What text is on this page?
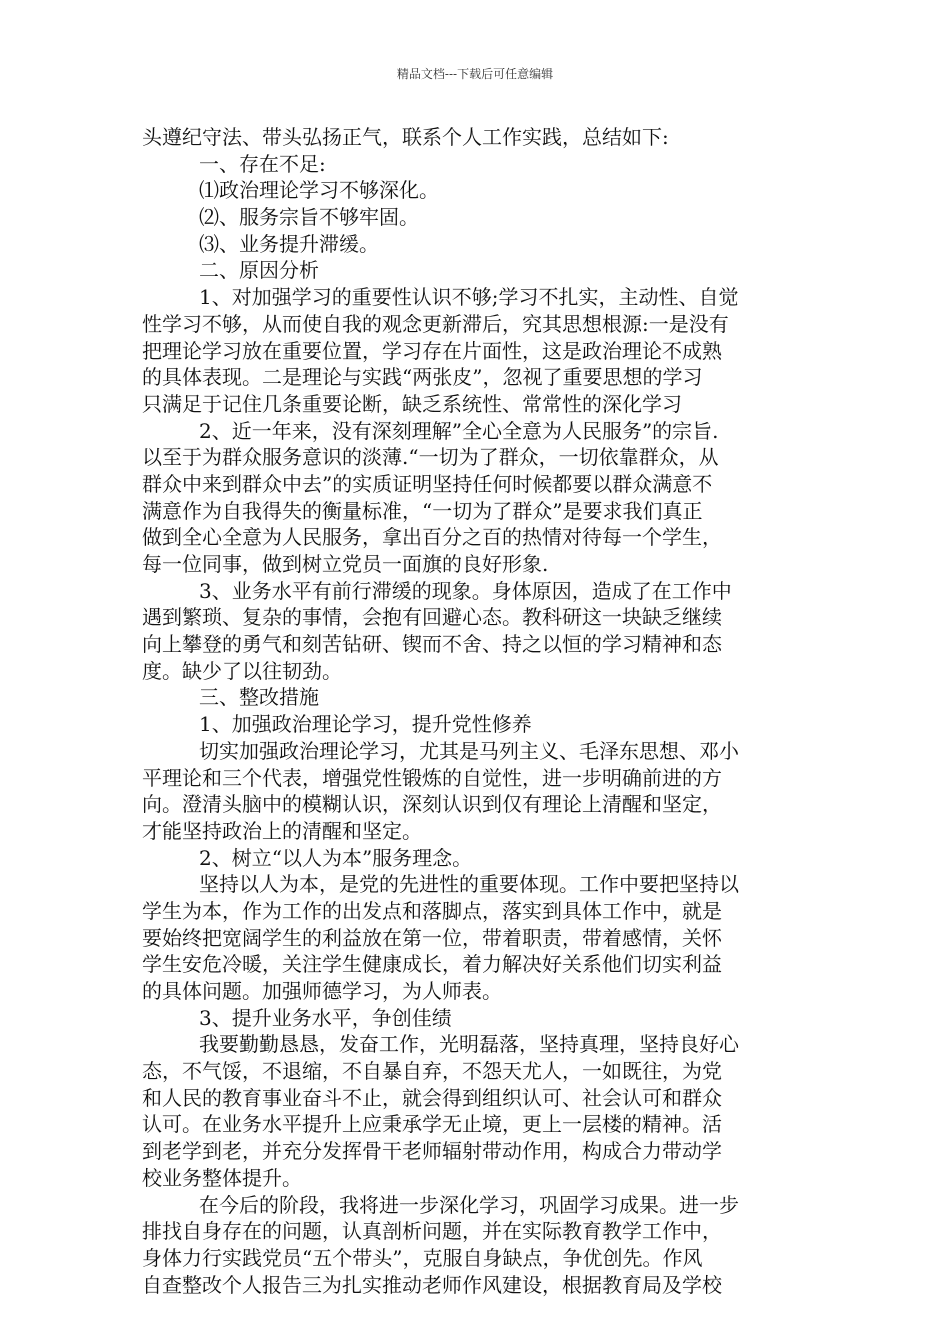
精品文档---下载后可任意编辑
头遵纪守法、带头弘扬正气，联系个人工作实践，总结如下:
一、存在不足:
⑴政治理论学习不够深化。
⑵、服务宗旨不够牢固。
⑶、业务提升滞缓。
二、原因分析
1、对加强学习的重要性认识不够;学习不扎实，主动性、自觉
性学习不够，从而使自我的观念更新滞后，究其思想根源:一是没有
把理论学习放在重要位置，学习存在片面性，这是政治理论不成熟
的具体表现。二是理论与实践“两张皮”，忽视了重要思想的学习
只满足于记住几条重要论断，缺乏系统性、常常性的深化学习
2、近一年来，没有深刻理解”全心全意为人民服务”的宗旨.
以至于为群众服务意识的淡薄.“一切为了群众，一切依靠群众，从
群众中来到群众中去”的实质证明坚持任何时候都要以群众满意不
满意作为自我得失的衡量标准，“一切为了群众”是要求我们真正
做到全心全意为人民服务，拿出百分之百的热情对待每一个学生，
每一位同事，做到树立党员一面旗的良好形象.
3、业务水平有前行滞缓的现象。身体原因，造成了在工作中
遇到繁琐、复杂的事情，会抱有回避心态。教科研这一块缺乏继续
向上攀登的勇气和刻苦钻研、锲而不舍、持之以恒的学习精神和态
度。缺少了以往韧劲。
三、整改措施
1、加强政治理论学习，提升党性修养
切实加强政治理论学习，尤其是马列主义、毛泽东思想、邓小
平理论和三个代表，增强党性锻炼的自觉性，进一步明确前进的方
向。澄清头脑中的模糊认识，深刻认识到仅有理论上清醒和坚定，
才能坚持政治上的清醒和坚定。
2、树立“以人为本”服务理念。
坚持以人为本，是党的先进性的重要体现。工作中要把坚持以
学生为本，作为工作的出发点和落脚点，落实到具体工作中，就是
要始终把宽阔学生的利益放在第一位，带着职责，带着感情，关怀
学生安危冷暖，关注学生健康成长，着力解决好关系他们切实利益
的具体问题。加强师德学习，为人师表。
3、提升业务水平，争创佳绩
我要勤勤恳恳，发奋工作，光明磊落，坚持真理，坚持良好心
态，不气馁，不退缩，不自暴自弃，不怨天尤人，一如既往，为党
和人民的教育事业奋斗不止，就会得到组织认可、社会认可和群众
认可。在业务水平提升上应秉承学无止境，更上一层楼的精神。活
到老学到老，并充分发挥骨干老师辐射带动作用，构成合力带动学
校业务整体提升。
在今后的阶段，我将进一步深化学习，巩固学习成果。进一步
排找自身存在的问题，认真剖析问题，并在实际教育教学工作中，
身体力行实践党员“五个带头”，克服自身缺点，争优创先。作风
自查整改个人报告三为扎实推动老师作风建设，根据教育局及学校
